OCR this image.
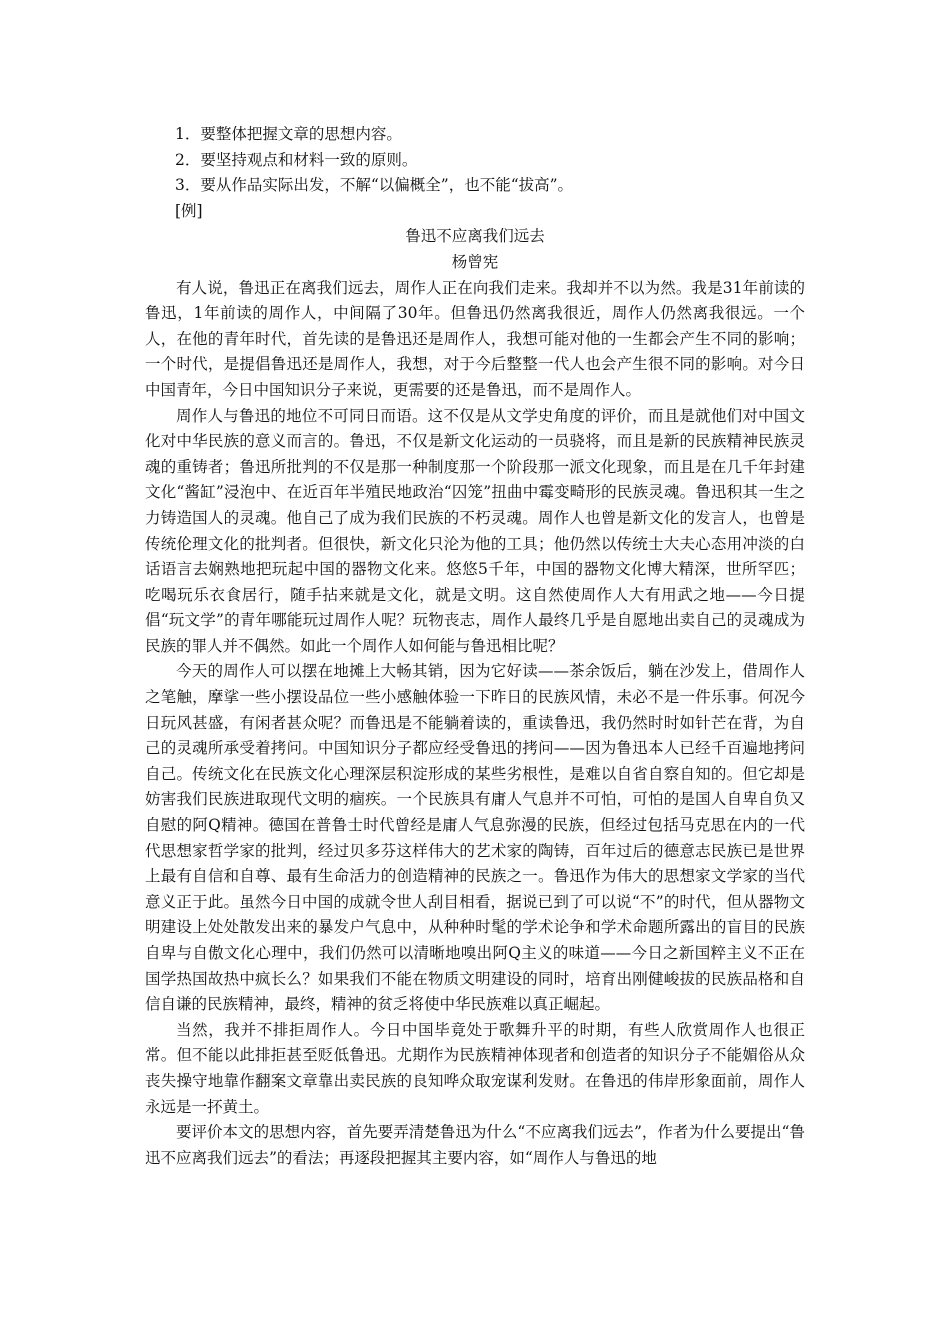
1．要整体把握文章的思想内容。

2．要坚持观点和材料一致的原则。

3．要从作品实际出发，不解“以偏概全”，也不能“拔高”。

[例]

鲁迅不应离我们远去

杨曾宪

有人说，鲁迅正在离我们远去，周作人正在向我们走来。我却并不以为然。我是31年前读的鲁迅，1年前读的周作人，中间隔了30年。但鲁迅仍然离我很近，周作人仍然离我很远。一个人，在他的青年时代，首先读的是鲁迅还是周作人，我想可能对他的一生都会产生不同的影响；一个时代，是提倡鲁迅还是周作人，我想，对于今后整整一代人也会产生很不同的影响。对今日中国青年，今日中国知识分子来说，更需要的还是鲁迅，而不是周作人。

周作人与鲁迅的地位不可同日而语。这不仅是从文学史角度的评价，而且是就他们对中国文化对中华民族的意义而言的。鲁迅，不仅是新文化运动的一员骁将，而且是新的民族精神民族灵魂的重铸者；鲁迅所批判的不仅是那一种制度那一个阶段那一派文化现象，而且是在几千年封建文化“酱缸”浸泡中、在近百年半殖民地政治“囚笼”扭曲中霉变畸形的民族灵魂。鲁迅积其一生之力铸造国人的灵魂。他自己了成为我们民族的不朽灵魂。周作人也曾是新文化的发言人，也曾是传统伦理文化的批判者。但很快，新文化只沦为他的工具；他仍然以传统士大夫心态用冲淡的白话语言去娴熟地把玩起中国的器物文化来。悠悠5千年，中国的器物文化博大精深，世所罕匹；吃喝玩乐衣食居行，随手拈来就是文化，就是文明。这自然使周作人大有用武之地——今日提倡“玩文学”的青年哪能玩过周作人呢？玩物丧志，周作人最终几乎是自愿地出卖自己的灵魂成为民族的罪人并不偶然。如此一个周作人如何能与鲁迅相比呢？

今天的周作人可以摆在地摊上大畅其销，因为它好读——茶余饭后，躺在沙发上，借周作人之笔触，摩挲一些小摆设品位一些小感触体验一下昨日的民族风情，未必不是一件乐事。何况今日玩风甚盛，有闲者甚众呢？而鲁迅是不能躺着读的，重读鲁迅，我仍然时时如针芒在背，为自己的灵魂所承受着拷问。中国知识分子都应经受鲁迅的拷问——因为鲁迅本人已经千百遍地拷问自己。传统文化在民族文化心理深层积淀形成的某些劣根性，是难以自省自察自知的。但它却是妨害我们民族进取现代文明的痼疾。一个民族具有庸人气息并不可怕，可怕的是国人自卑自负又自慰的阿Q精神。德国在普鲁士时代曾经是庸人气息弥漫的民族，但经过包括马克思在内的一代代思想家哲学家的批判，经过贝多芬这样伟大的艺术家的陶铸，百年过后的德意志民族已是世界上最有自信和自尊、最有生命活力的创造精神的民族之一。鲁迅作为伟大的思想家文学家的当代意义正于此。虽然今日中国的成就令世人刮目相看，据说已到了可以说“不”的时代，但从器物文明建设上处处散发出来的暴发户气息中，从种种时髦的学术论争和学术命题所露出的盲目的民族自卑与自傲文化心理中，我们仍然可以清晰地嗅出阿Q主义的味道——今日之新国粹主义不正在国学热国故热中疯长么？如果我们不能在物质文明建设的同时，培育出刚健峻拔的民族品格和自信自谦的民族精神，最终，精神的贫乏将使中华民族难以真正崛起。

当然，我并不排拒周作人。今日中国毕竟处于歌舞升平的时期，有些人欣赏周作人也很正常。但不能以此排拒甚至贬低鲁迅。尤期作为民族精神体现者和创造者的知识分子不能媚俗从众丧失操守地靠作翻案文章靠出卖民族的良知哗众取宠谋利发财。在鲁迅的伟岸形象面前，周作人永远是一抔黄土。

要评价本文的思想内容，首先要弄清楚鲁迅为什么“不应离我们远去”，作者为什么要提出“鲁迅不应离我们远去”的看法；再逐段把握其主要内容，如“周作人与鲁迅的地
